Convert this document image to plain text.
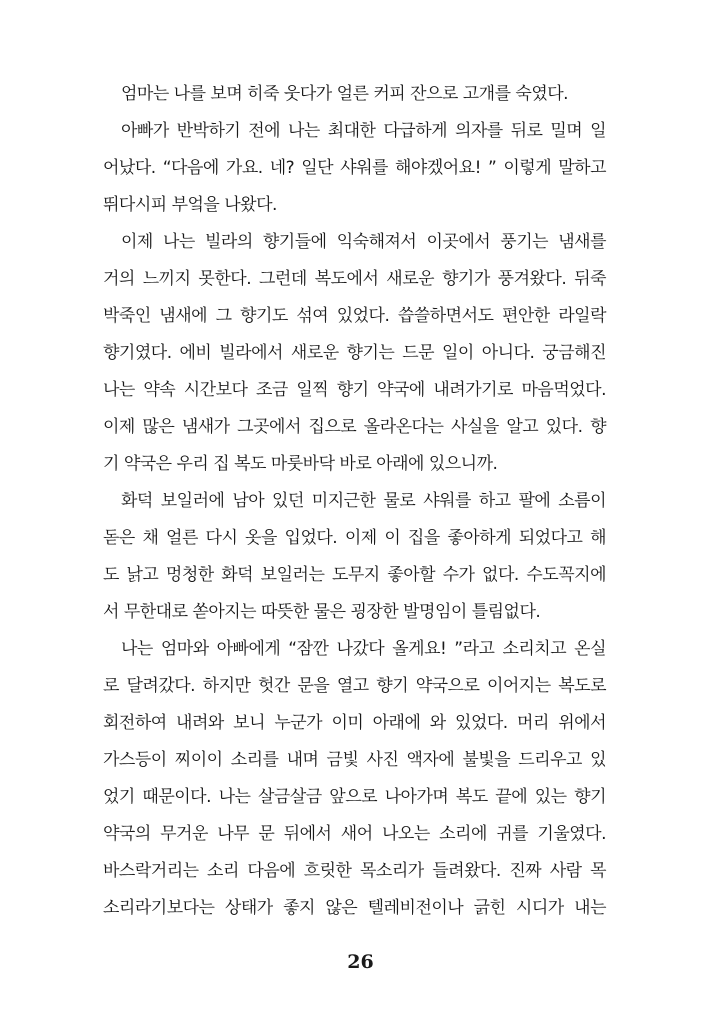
엄마는 나를 보며 히죽 웃다가 얼른 커피 잔으로 고개를 숙였다.
아빠가 반박하기 전에 나는 최대한 다급하게 의자를 뒤로 밀며 일
어났다. “다음에 가요. 네? 일단 샤워를 해야겠어요! ” 이렇게 말하고
뛰다시피 부엌을 나왔다.
이제 나는 빌라의 향기들에 익숙해져서 이곳에서 풍기는 냄새를
거의 느끼지 못한다. 그런데 복도에서 새로운 향기가 풍겨왔다. 뒤죽
박죽인 냄새에 그 향기도 섞여 있었다. 씁쓸하면서도 편안한 라일락
향기였다. 에비 빌라에서 새로운 향기는 드문 일이 아니다. 궁금해진
나는 약속 시간보다 조금 일찍 향기 약국에 내려가기로 마음먹었다.
이제 많은 냄새가 그곳에서 집으로 올라온다는 사실을 알고 있다. 향
기 약국은 우리 집 복도 마룻바닥 바로 아래에 있으니까.
화덕 보일러에 남아 있던 미지근한 물로 샤워를 하고 팔에 소름이
돋은 채 얼른 다시 옷을 입었다. 이제 이 집을 좋아하게 되었다고 해
도 낡고 멍청한 화덕 보일러는 도무지 좋아할 수가 없다. 수도꼭지에
서 무한대로 쏟아지는 따뜻한 물은 굉장한 발명임이 틀림없다.
나는 엄마와 아빠에게 “잠깐 나갔다 올게요! ”라고 소리치고 온실
로 달려갔다. 하지만 헛간 문을 열고 향기 약국으로 이어지는 복도로
회전하여 내려와 보니 누군가 이미 아래에 와 있었다. 머리 위에서
가스등이 찌이이 소리를 내며 금빛 사진 액자에 불빛을 드리우고 있
었기 때문이다. 나는 살금살금 앞으로 나아가며 복도 끝에 있는 향기
약국의 무거운 나무 문 뒤에서 새어 나오는 소리에 귀를 기울였다.
바스락거리는 소리 다음에 흐릿한 목소리가 들려왔다. 진짜 사람 목
소리라기보다는 상태가 좋지 않은 텔레비전이나 긁힌 시디가 내는
26
